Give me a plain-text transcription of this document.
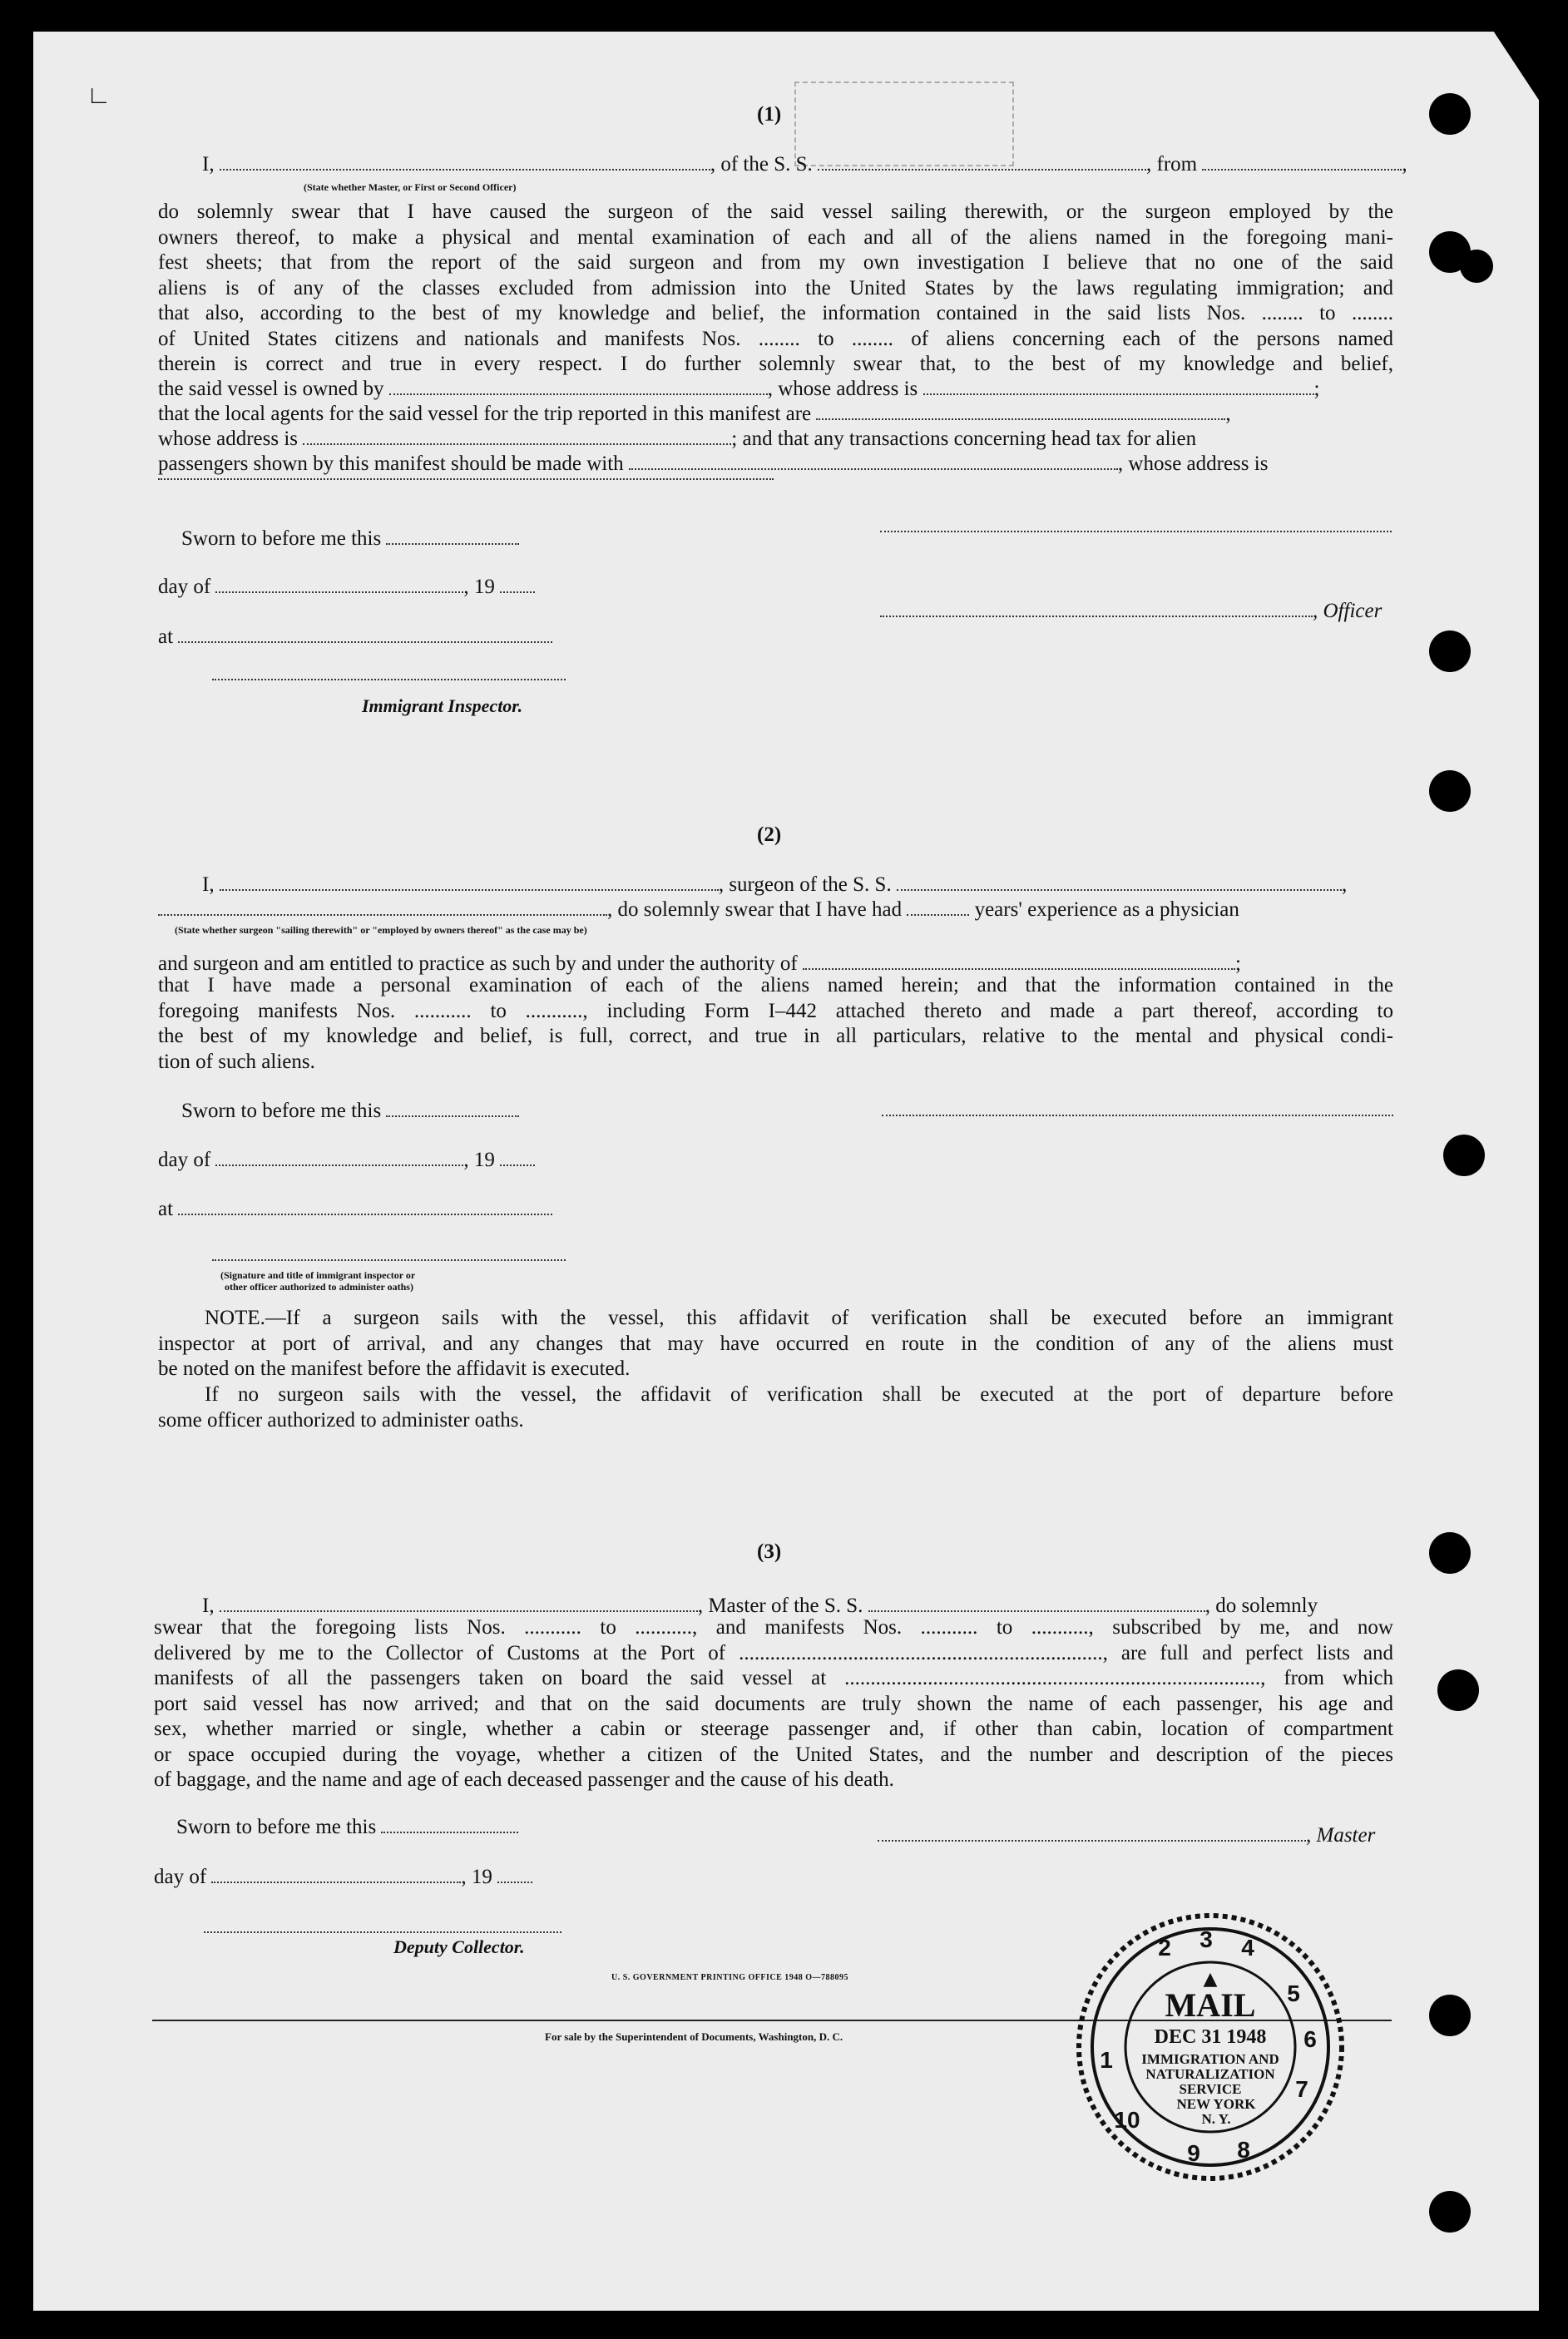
∟
(1)
I,	, of the S. S.	, from	,
(State whether Master, or First or Second Officer)
do solemnly swear that I have caused the surgeon of the said vessel sailing therewith, or the surgeon employed by the
owners thereof, to make a physical and mental examination of each and all of the aliens named in the foregoing mani-
fest sheets; that from the report of the said surgeon and from my own investigation I believe that no one of the said
aliens is of any of the classes excluded from admission into the United States by the laws regulating immigration; and
that also, according to the best of my knowledge and belief, the information contained in the said lists Nos. ........ to ........
of United States citizens and nationals and manifests Nos. ........ to ........ of aliens concerning each of the persons named
therein is correct and true in every respect. I do further solemnly swear that, to the best of my knowledge and belief,
the said vessel is owned by	, whose address is	;
that the local agents for the said vessel for the trip reported in this manifest are	,
whose address is	; and that any transactions concerning head tax for alien
passengers shown by this manifest should be made with	, whose address is
Sworn to before me this
day of	, 19
, Officer
at
Immigrant Inspector.
(2)
I,	, surgeon of the S. S.	,
, do solemnly swear that I have had	years' experience as a physician
(State whether surgeon "sailing therewith" or "employed by owners thereof" as the case may be)
and surgeon and am entitled to practice as such by and under the authority of	;
that I have made a personal examination of each of the aliens named herein; and that the information contained in the
foregoing manifests Nos. ........... to ..........., including Form I–442 attached thereto and made a part thereof, according to
the best of my knowledge and belief, is full, correct, and true in all particulars, relative to the mental and physical condi-
tion of such aliens.
Sworn to before me this
day of	, 19
at
(Signature and title of immigrant inspector or
other officer authorized to administer oaths)
NOTE.—If a surgeon sails with the vessel, this affidavit of verification shall be executed before an immigrant
inspector at port of arrival, and any changes that may have occurred en route in the condition of any of the aliens must
be noted on the manifest before the affidavit is executed.
If no surgeon sails with the vessel, the affidavit of verification shall be executed at the port of departure before
some officer authorized to administer oaths.
(3)
I,	, Master of the S. S.	, do solemnly
swear that the foregoing lists Nos. ........... to ..........., and manifests Nos. ........... to ..........., subscribed by me, and now
delivered by me to the Collector of Customs at the Port of ......................................................................, are full and perfect lists and
manifests of all the passengers taken on board the said vessel at ................................................................................, from which
port said vessel has now arrived; and that on the said documents are truly shown the name of each passenger, his age and
sex, whether married or single, whether a cabin or steerage passenger and, if other than cabin, location of compartment
or space occupied during the voyage, whether a citizen of the United States, and the number and description of the pieces
of baggage, and the name and age of each deceased passenger and the cause of his death.
Sworn to before me this	, Master
day of	, 19
Deputy Collector.
U. S. GOVERNMENT PRINTING OFFICE 1948 O—788095
For sale by the Superintendent of Documents, Washington, D. C.
2 3 4
5
6
7
8
9
10
1
▲
MAIL
DEC 31 1948
IMMIGRATION AND
NATURALIZATION
SERVICE
NEW YORK
N. Y.
